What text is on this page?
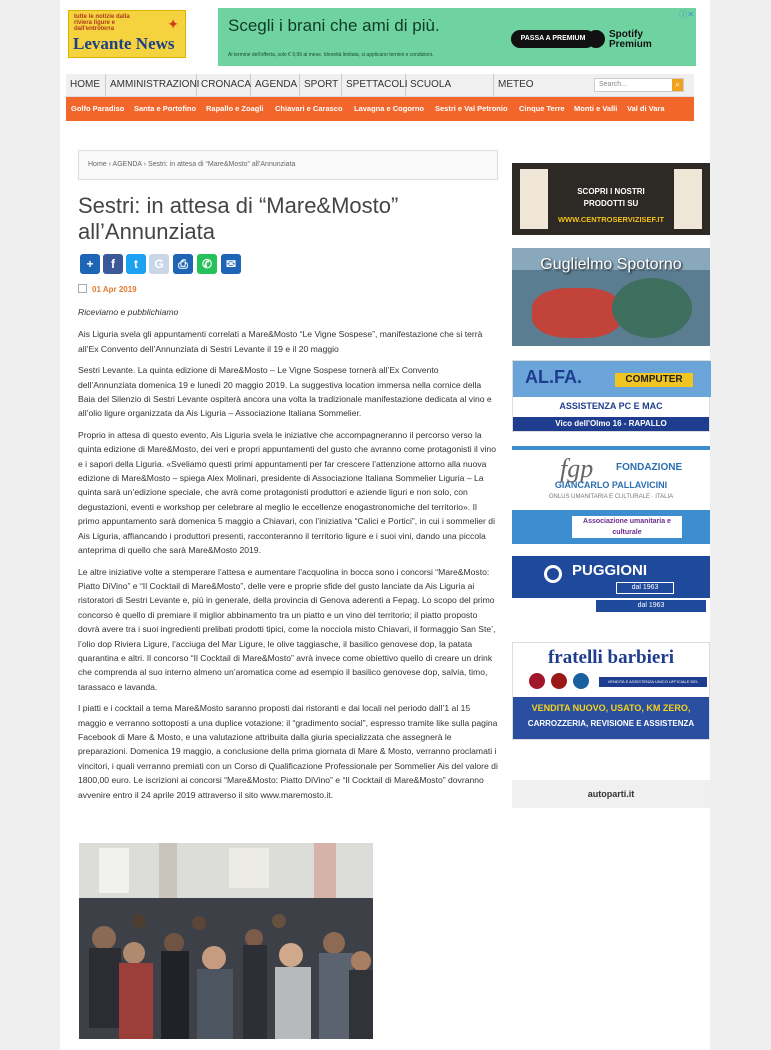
tutte le notizie dalla riviera ligure e dall'entroterra	✦
Levante News
Scegli i brani che ami di più.
Al termine dell'offerta, solo € 9,99 al mese. Idoneità limitata, si applicano termini e condizioni.
PASSA A PREMIUM	Spotify Premium
ⓘ✕
HOME	AMMINISTRAZIONI CRONACA AGENDA SPORT SPETTACOLI SCUOLA	METEO	Search...	⌕
Golfo Paradiso Santa e Portofino Rapallo e Zoagli Chiavari e Carasco Lavagna e Cogorno Sestri e Val Petronio Cinque Terre Monti e Valli Val di Vara
Home › AGENDA › Sestri: in attesa di “Mare&Mosto” all’Annunziata
Sestri: in attesa di “Mare&Mosto” all’Annunziata
+	f	t	G	⎙	✆	✉
01 Apr 2019

Riceviamo e pubblichiamo

Ais Liguria svela gli appuntamenti correlati a Mare&Mosto “Le Vigne Sospese”, manifestazione che si terrà all’Ex Convento dell’Annunziata di Sestri Levante il 19 e il 20 maggio

Sestri Levante. La quinta edizione di Mare&Mosto – Le Vigne Sospese tornerà all’Ex Convento dell’Annunziata domenica 19 e lunedì 20 maggio 2019. La suggestiva location immersa nella cornice della Baia del Silenzio di Sestri Levante ospiterà ancora una volta la tradizionale manifestazione dedicata al vino e all’olio ligure organizzata da Ais Liguria – Associazione Italiana Sommelier.

Proprio in attesa di questo evento, Ais Liguria svela le iniziative che accompagneranno il percorso verso la quinta edizione di Mare&Mosto, dei veri e propri appuntamenti del gusto che avranno come protagonisti il vino e i sapori della Liguria. «Sveliamo questi primi appuntamenti per far crescere l’attenzione attorno alla nuova edizione di Mare&Mosto – spiega Alex Molinari, presidente di Associazione Italiana Sommelier Liguria – La quinta sarà un’edizione speciale, che avrà come protagonisti produttori e aziende liguri e non solo, con degustazioni, eventi e workshop per celebrare al meglio le eccellenze enogastronomiche del territorio». Il primo appuntamento sarà domenica 5 maggio a Chiavari, con l’iniziativa “Calici e Portici”, in cui i sommelier di Ais Liguria, affiancando i produttori presenti, racconteranno il territorio ligure e i suoi vini, dando una piccola anteprima di quello che sarà Mare&Mosto 2019.

Le altre iniziative volte a stemperare l’attesa e aumentare l’acquolina in bocca sono i concorsi “Mare&Mosto: Piatto DiVino” e “Il Cocktail di Mare&Mosto”, delle vere e proprie sfide del gusto lanciate da Ais Liguria ai ristoratori di Sestri Levante e, più in generale, della provincia di Genova aderenti a Fepag. Lo scopo del primo concorso è quello di premiare il miglior abbinamento tra un piatto e un vino del territorio; il piatto proposto dovrà avere tra i suoi ingredienti prelibati prodotti tipici, come la nocciola misto Chiavari, il formaggio San Ste’, l’olio dop Riviera Ligure, l’acciuga del Mar Ligure, le olive taggiasche, il basilico genovese dop, la patata quarantina e altri. Il concorso “Il Cocktail di Mare&Mosto” avrà invece come obiettivo quello di creare un drink che comprenda al suo interno almeno un’aromatica come ad esempio il basilico genovese dop, salvia, timo, tarassaco e lavanda.

I piatti e i cocktail a tema Mare&Mosto saranno proposti dai ristoranti e dai locali nel periodo dall’1 al 15 maggio e verranno sottoposti a una duplice votazione: il “gradimento social”, espresso tramite like sulla pagina Facebook di Mare & Mosto, e una valutazione attribuita dalla giuria specializzata che assegnerà le preparazioni. Domenica 19 maggio, a conclusione della prima giornata di Mare & Mosto, verranno proclamati i vincitori, i quali verranno premiati con un Corso di Qualificazione Professionale per Sommelier Ais del valore di 1800,00 euro. Le iscrizioni ai concorsi “Mare&Mosto: Piatto DiVino” e “Il Cocktail di Mare&Mosto” dovranno avvenire entro il 24 aprile 2019 attraverso il sito www.maremosto.it.

SCOPRI I NOSTRI
PRODOTTI SU
WWW.CENTROSERVIZISEF.IT
Guglielmo Spotorno
AL.FA.	COMPUTER
ASSISTENZA PC E MAC
Vico dell'Olmo 16 - RAPALLO
fgp FONDAZIONE
GIANCARLO PALLAVICINI
ONLUS UMANITARIA E CULTURALE · ITALIA
Associazione umanitaria e culturale
PUGGIONI
dal 1963
dal 1963
fratelli barbieri
VENDITA E ASSISTENZA UNICO UFFICIALE DEL TIGULLIO
VENDITA NUOVO, USATO, KM ZERO,
CARROZZERIA, REVISIONE E ASSISTENZA
autoparti.it
